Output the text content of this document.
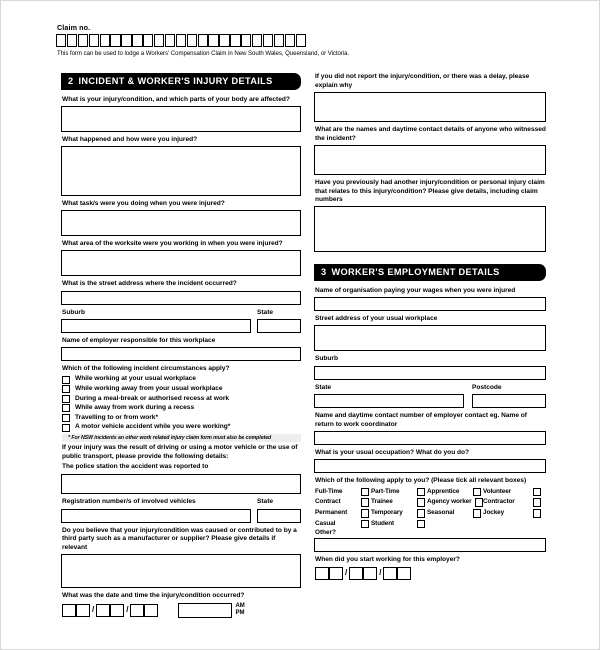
Claim no.
This form can be used to lodge a Workers' Compensation Claim in New South Wales, Queensland, or Victoria.
2 INCIDENT & WORKER'S INJURY DETAILS
What is your injury/condition, and which parts of your body are affected?
What happened and how were you injured?
What task/s were you doing when you were injured?
What area of the worksite were you working in when you were injured?
What is the street address where the incident occurred?
Suburb	State
Name of employer responsible for this workplace
Which of the following incident circumstances apply?
While working at your usual workplace
While working away from your usual workplace
During a meal-break or authorised recess at work
While away from work during a recess
Travelling to or from work*
A motor vehicle accident while you were working*
* For NSW incidents an other work related injury claim form must also be completed
If your injury was the result of driving or using a motor vehicle or the use of public transport, please provide the following details:
The police station the accident was reported to
Registration number/s of involved vehicles	State
Do you believe that your injury/condition was caused or contributed to by a third party such as a manufacturer or supplier? Please give details if relevant
What was the date and time the injury/condition occurred?
/	/	AM
PM
If you did not report the injury/condition, or there was a delay, please explain why
What are the names and daytime contact details of anyone who witnessed the incident?
Have you previously had another injury/condition or personal injury claim that relates to this injury/condition? Please give details, including claim numbers
3 WORKER'S EMPLOYMENT DETAILS
Name of organisation paying your wages when you were injured
Street address of your usual workplace
Suburb
State	Postcode
Name and daytime contact number of employer contact eg. Name of return to work coordinator
What is your usual occupation? What do you do?
Which of the following apply to you? (Please tick all relevant boxes)
Full-Time	Part-Time	Apprentice	Volunteer
Contract	Trainee	Agency worker Contractor
Permanent	Temporary	Seasonal	Jockey
Casual	Student
Other?
When did you start working for this employer?
/	/
